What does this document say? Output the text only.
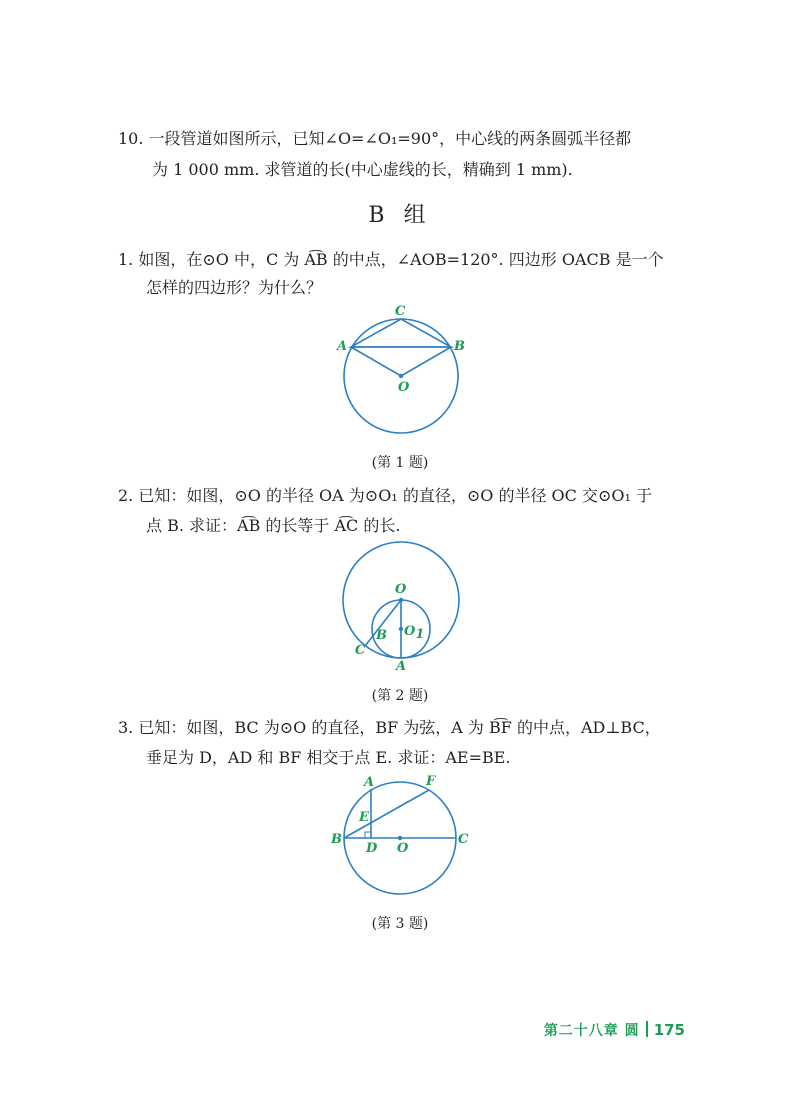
10. 一段管道如图所示，已知∠O=∠O₁=90°，中心线的两条圆弧半径都
为 1 000 mm. 求管道的长(中心虚线的长，精确到 1 mm).
B 组
1. 如图，在⊙O 中，C 为 A͡B 的中点，∠AOB=120°. 四边形 OACB 是一个
怎样的四边形？为什么？
C
A	B
O
(第 1 题)
2. 已知：如图，⊙O 的半径 OA 为⊙O₁ 的直径，⊙O 的半径 OC 交⊙O₁ 于
点 B. 求证：A͡B 的长等于 A͡C 的长.
O
B O1
C
A
(第 2 题)
3. 已知：如图，BC 为⊙O 的直径，BF 为弦，A 为 B͡F 的中点，AD⊥BC，
垂足为 D，AD 和 BF 相交于点 E. 求证：AE=BE.
A	F
E
B
D O
C
(第 3 题)
第二十八章 圆 175
